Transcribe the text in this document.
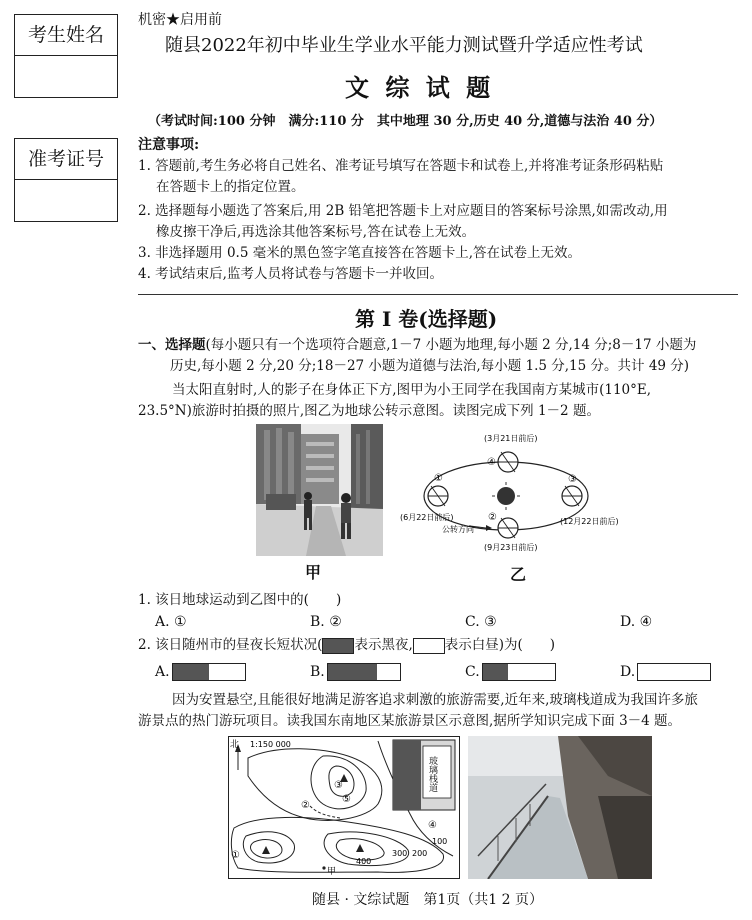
考生姓名
准考证号
机密★启用前
随县2022年初中毕业生学业水平能力测试暨升学适应性考试
文 综 试 题
（考试时间:100 分钟　满分:110 分　其中地理 30 分,历史 40 分,道德与法治 40 分）
注意事项:
1. 答题前,考生务必将自己姓名、准考证号填写在答题卡和试卷上,并将准考证条形码粘贴
在答题卡上的指定位置。
2. 选择题每小题选了答案后,用 2B 铅笔把答题卡上对应题目的答案标号涂黑,如需改动,用
橡皮擦干净后,再选涂其他答案标号,答在试卷上无效。
3. 非选择题用 0.5 毫米的黑色签字笔直接答在答题卡上,答在试卷上无效。
4. 考试结束后,监考人员将试卷与答题卡一并收回。
第 I 卷(选择题)
一、选择题(每小题只有一个选项符合题意,1－7 小题为地理,每小题 2 分,14 分;8－17 小题为
历史,每小题 2 分,20 分;18－27 小题为道德与法治,每小题 1.5 分,15 分。共计 49 分)
当太阳直射时,人的影子在身体正下方,图甲为小王同学在我国南方某城市(110°E,
23.5°N)旅游时拍摄的照片,图乙为地球公转示意图。读图完成下列 1－2 题。
甲
(3月21日前后)
④
①
(6月22日前后)
公转方向
②
(9月23日前后)
③
(12月22日前后)
乙
1. 该日地球运动到乙图中的(　　)
A. ①	B. ②	C. ③	D. ④
2. 该日随州市的昼夜长短状况( 表示黑夜, 表示白昼)为(　　)
A.	B.	C.	D.
因为安置悬空,且能很好地满足游客追求刺激的旅游需要,近年来,玻璃栈道成为我国许多旅
游景点的热门游玩项目。读我国东南地区某旅游景区示意图,据所学知识完成下面 3－4 题。
北 1:150 000
玻璃栈道
①
②
③
④
⑤
100
200
300
400
甲
随县 · 文综试题　第1页（共1 2 页）
